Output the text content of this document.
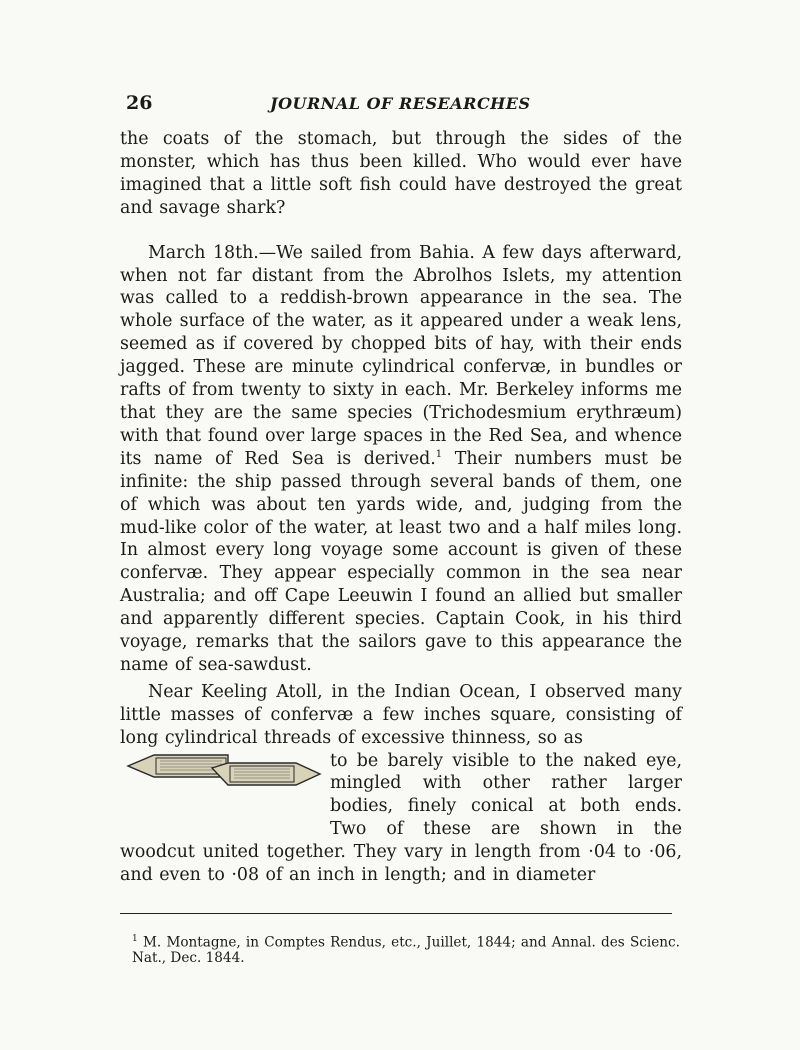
26	JOURNAL OF RESEARCHES

the coats of the stomach, but through the sides of the monster, which has thus been killed. Who would ever have imagined that a little soft fish could have destroyed the great and savage shark?

March 18th.—We sailed from Bahia. A few days afterward, when not far distant from the Abrolhos Islets, my attention was called to a reddish-brown appearance in the sea. The whole surface of the water, as it appeared under a weak lens, seemed as if covered by chopped bits of hay, with their ends jagged. These are minute cylindrical confervæ, in bundles or rafts of from twenty to sixty in each. Mr. Berkeley informs me that they are the same species (Trichodesmium erythræum) with that found over large spaces in the Red Sea, and whence its name of Red Sea is derived.$^1$ Their numbers must be infinite: the ship passed through several bands of them, one of which was about ten yards wide, and, judging from the mud-like color of the water, at least two and a half miles long. In almost every long voyage some account is given of these confervæ. They appear especially common in the sea near Australia; and off Cape Leeuwin I found an allied but smaller and apparently different species. Captain Cook, in his third voyage, remarks that the sailors gave to this appearance the name of sea-sawdust.

Near Keeling Atoll, in the Indian Ocean, I observed many little masses of confervæ a few inches square, consisting of long cylindrical threads of excessive thinness, so as

to be barely visible to the naked eye, mingled with other rather larger bodies, finely conical at both ends. Two of these are shown in the woodcut united together. They vary in length from ·04 to ·06, and even to ·08 of an inch in length; and in diameter

$^1$ M. Montagne, in Comptes Rendus, etc., Juillet, 1844; and Annal. des Scienc. Nat., Dec. 1844.
